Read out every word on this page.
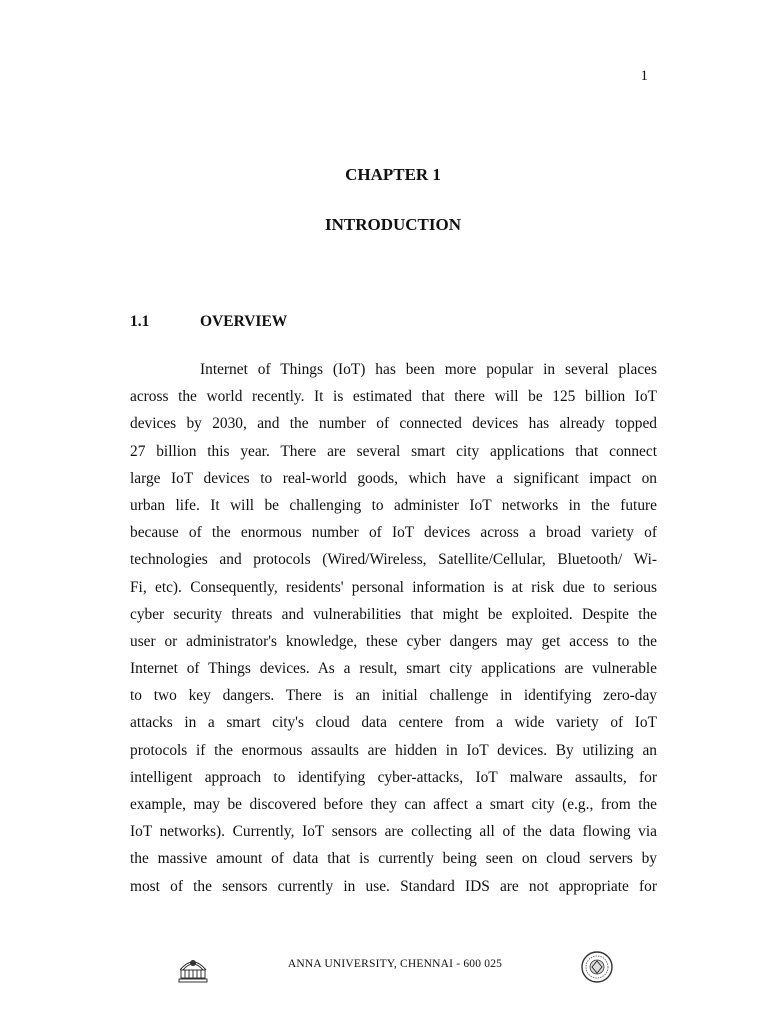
1
CHAPTER 1
INTRODUCTION
1.1	OVERVIEW
Internet of Things (IoT) has been more popular in several places
across the world recently. It is estimated that there will be 125 billion IoT
devices by 2030, and the number of connected devices has already topped
27 billion this year. There are several smart city applications that connect
large IoT devices to real-world goods, which have a significant impact on
urban life. It will be challenging to administer IoT networks in the future
because of the enormous number of IoT devices across a broad variety of
technologies and protocols (Wired/Wireless, Satellite/Cellular, Bluetooth/ Wi-
Fi, etc). Consequently, residents' personal information is at risk due to serious
cyber security threats and vulnerabilities that might be exploited. Despite the
user or administrator's knowledge, these cyber dangers may get access to the
Internet of Things devices. As a result, smart city applications are vulnerable
to two key dangers. There is an initial challenge in identifying zero-day
attacks in a smart city's cloud data centere from a wide variety of IoT
protocols if the enormous assaults are hidden in IoT devices. By utilizing an
intelligent approach to identifying cyber-attacks, IoT malware assaults, for
example, may be discovered before they can affect a smart city (e.g., from the
IoT networks). Currently, IoT sensors are collecting all of the data flowing via
the massive amount of data that is currently being seen on cloud servers by
most of the sensors currently in use. Standard IDS are not appropriate for
ANNA UNIVERSITY, CHENNAI - 600 025
